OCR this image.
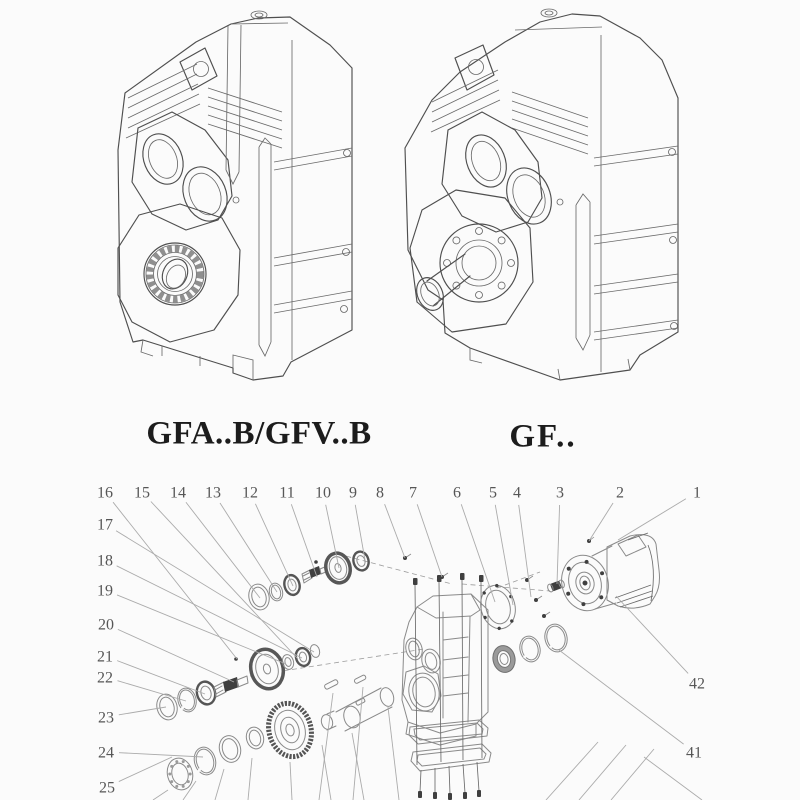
1
2
3
4
5
6
7
8
9
10
11
12
13
14
15
16
17
18
19
20
21
22
23
24
25
42
41
GFA..B/GFV..B	GF..
